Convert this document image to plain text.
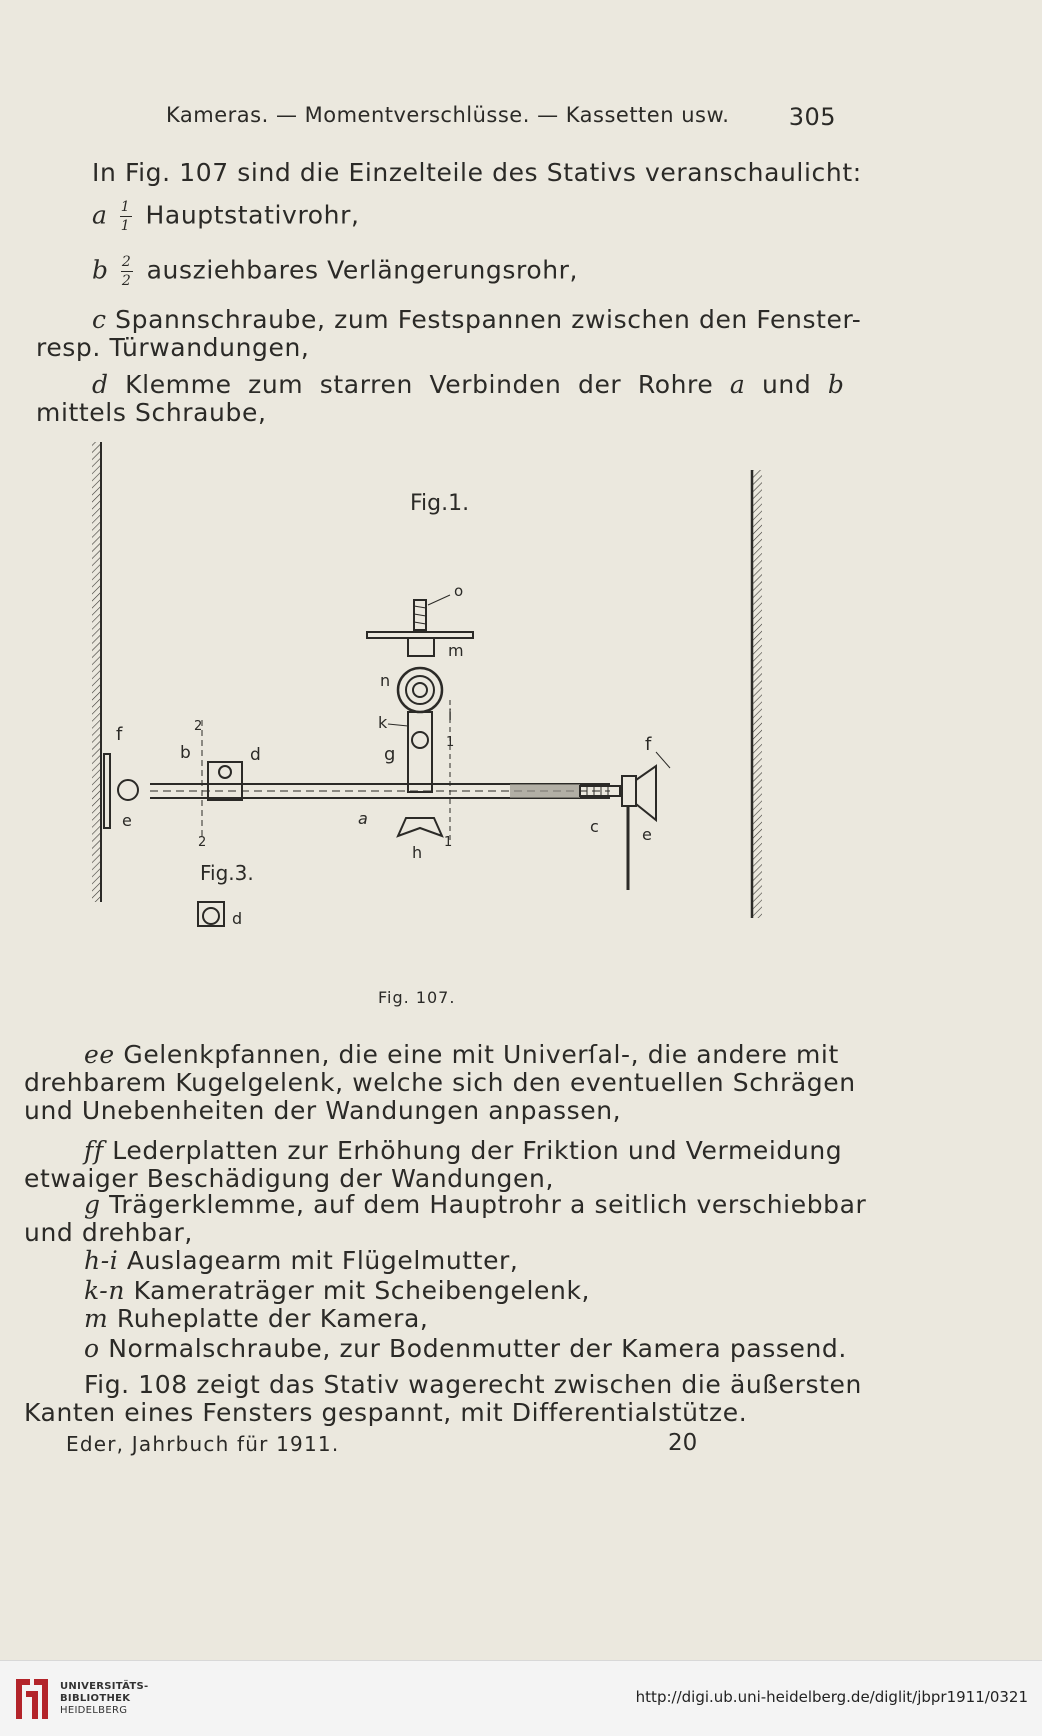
Kameras. — Momentverschlüsse. — Kassetten usw. 305
In Fig. 107 sind die Einzelteile des Stativs veranschaulicht:
a $\frac{1}{1}$ Hauptstativrohr,
b $\frac{2}{2}$ ausziehbares Verlängerungsrohr,
c Spannschraube, zum Festspannen zwischen den Fenster-
resp. Türwandungen,
d Klemme zum starren Verbinden der Rohre a und b
mittels Schraube,
Fig.1.
o
m
n
k	i
1
g	f
e
c
f
e
b	d
2
2
h
1
a
Fig.3.
d
Fig. 107.
ee Gelenkpfannen, die eine mit Univerſal-, die andere mit
drehbarem Kugelgelenk, welche sich den eventuellen Schrägen
und Unebenheiten der Wandungen anpassen,
ff Lederplatten zur Erhöhung der Friktion und Vermeidung
etwaiger Beschädigung der Wandungen,
g Trägerklemme, auf dem Hauptrohr a seitlich verschiebbar
und drehbar,
h-i Auslagearm mit Flügelmutter,
k-n Kameraträger mit Scheibengelenk,
m Ruheplatte der Kamera,
o Normalschraube, zur Bodenmutter der Kamera passend.
Fig. 108 zeigt das Stativ wagerecht zwischen die äußersten
Kanten eines Fensters gespannt, mit Differentialstütze.
Eder, Jahrbuch für 1911.	20
UNIVERSITÄTS-
BIBLIOTHEK
HEIDELBERG
http://digi.ub.uni-heidelberg.de/diglit/jbpr1911/0321
